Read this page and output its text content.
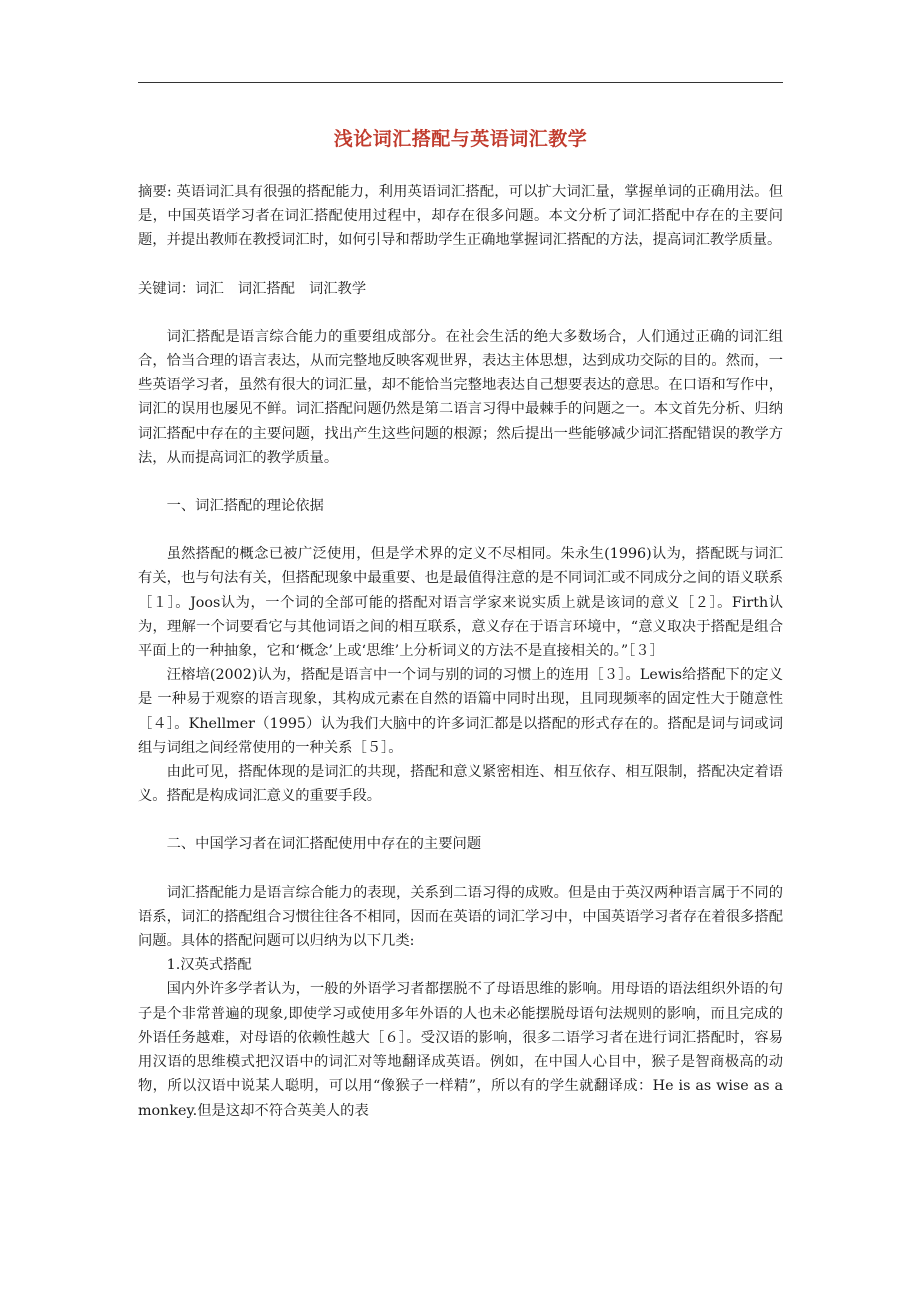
浅论词汇搭配与英语词汇教学

摘要: 英语词汇具有很强的搭配能力，利用英语词汇搭配，可以扩大词汇量，掌握单词的正确用法。但是，中国英语学习者在词汇搭配使用过程中，却存在很多问题。本文分析了词汇搭配中存在的主要问题，并提出教师在教授词汇时，如何引导和帮助学生正确地掌握词汇搭配的方法，提高词汇教学质量。

关键词：词汇 词汇搭配 词汇教学

词汇搭配是语言综合能力的重要组成部分。在社会生活的绝大多数场合，人们通过正确的词汇组合，恰当合理的语言表达，从而完整地反映客观世界，表达主体思想，达到成功交际的目的。然而，一些英语学习者，虽然有很大的词汇量，却不能恰当完整地表达自己想要表达的意思。在口语和写作中，词汇的误用也屡见不鲜。词汇搭配问题仍然是第二语言习得中最棘手的问题之一。本文首先分析、归纳词汇搭配中存在的主要问题，找出产生这些问题的根源；然后提出一些能够减少词汇搭配错误的教学方法，从而提高词汇的教学质量。

一、词汇搭配的理论依据

虽然搭配的概念已被广泛使用，但是学术界的定义不尽相同。朱永生(1996)认为，搭配既与词汇有关，也与句法有关，但搭配现象中最重要、也是最值得注意的是不同词汇或不同成分之间的语义联系［１］。Joos认为，一个词的全部可能的搭配对语言学家来说实质上就是该词的意义［２］。Firth认为，理解一个词要看它与其他词语之间的相互联系，意义存在于语言环境中，“意义取决于搭配是组合平面上的一种抽象，它和‘概念’上或‘思维’上分析词义的方法不是直接相关的。”［３］

汪榕培(2002)认为，搭配是语言中一个词与别的词的习惯上的连用［３］。Lewis给搭配下的定义是 一种易于观察的语言现象，其构成元素在自然的语篇中同时出现，且同现频率的固定性大于随意性［４］。Khellmer（1995）认为我们大脑中的许多词汇都是以搭配的形式存在的。搭配是词与词或词组与词组之间经常使用的一种关系［５］。

由此可见，搭配体现的是词汇的共现，搭配和意义紧密相连、相互依存、相互限制，搭配决定着语义。搭配是构成词汇意义的重要手段。

二、中国学习者在词汇搭配使用中存在的主要问题

词汇搭配能力是语言综合能力的表现，关系到二语习得的成败。但是由于英汉两种语言属于不同的语系，词汇的搭配组合习惯往往各不相同，因而在英语的词汇学习中，中国英语学习者存在着很多搭配问题。具体的搭配问题可以归纳为以下几类:

1.汉英式搭配

国内外许多学者认为，一般的外语学习者都摆脱不了母语思维的影响。用母语的语法组织外语的句子是个非常普遍的现象,即使学习或使用多年外语的人也未必能摆脱母语句法规则的影响，而且完成的外语任务越难，对母语的依赖性越大［６］。受汉语的影响，很多二语学习者在进行词汇搭配时，容易用汉语的思维模式把汉语中的词汇对等地翻译成英语。例如，在中国人心目中，猴子是智商极高的动物，所以汉语中说某人聪明，可以用“像猴子一样精”，所以有的学生就翻译成：He is as wise as a monkey.但是这却不符合英美人的表
